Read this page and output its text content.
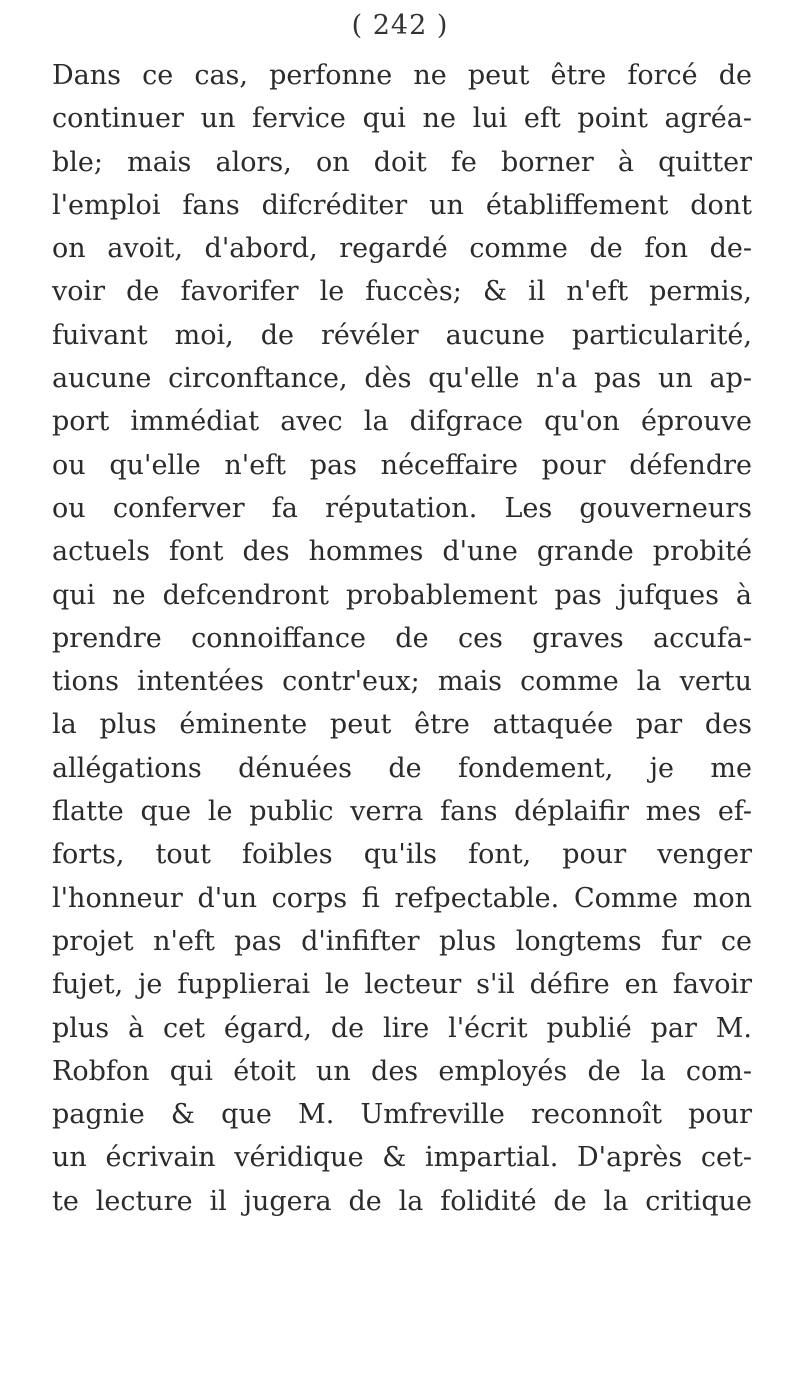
( 242 )
Dans ce cas, perfonne ne peut être forcé de
continuer un fervice qui ne lui eft point agréa-
ble; mais alors, on doit fe borner à quitter
l'emploi fans difcréditer un établiffement dont
on avoit, d'abord, regardé comme de fon de-
voir de favorifer le fuccès; & il n'eft permis,
fuivant moi, de révéler aucune particularité,
aucune circonftance, dès qu'elle n'a pas un ap-
port immédiat avec la difgrace qu'on éprouve
ou qu'elle n'eft pas néceffaire pour défendre
ou conferver fa réputation. Les gouverneurs
actuels font des hommes d'une grande probité
qui ne defcendront probablement pas jufques à
prendre connoiffance de ces graves accufa-
tions intentées contr'eux; mais comme la vertu
la plus éminente peut être attaquée par des
allégations dénuées de fondement, je me
flatte que le public verra fans déplaifir mes ef-
forts, tout foibles qu'ils font, pour venger
l'honneur d'un corps fi refpectable. Comme mon
projet n'eft pas d'infifter plus longtems fur ce
fujet, je fupplierai le lecteur s'il défire en favoir
plus à cet égard, de lire l'écrit publié par M.
Robfon qui étoit un des employés de la com-
pagnie & que M. Umfreville reconnoît pour
un écrivain véridique & impartial. D'après cet-
te lecture il jugera de la folidité de la critique
